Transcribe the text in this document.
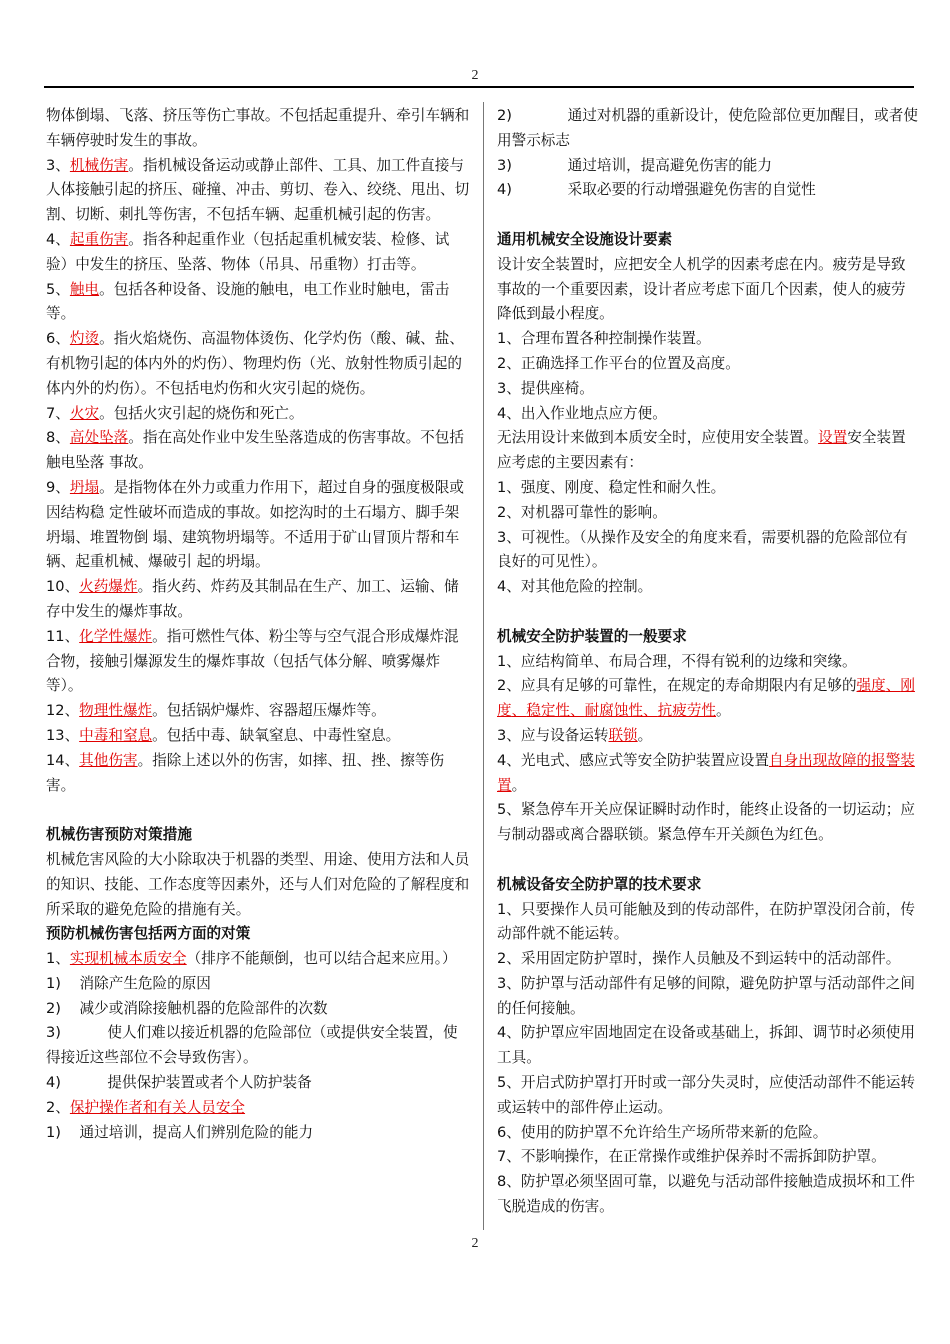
2

物体倒塌、飞落、挤压等伤亡事故。不包括起重提升、牵引车辆和车辆停驶时发生的事故。

3、机械伤害。指机械设备运动或静止部件、工具、加工件直接与人体接触引起的挤压、碰撞、冲击、剪切、卷入、绞绕、甩出、切割、切断、刺扎等伤害，不包括车辆、起重机械引起的伤害。

4、起重伤害。指各种起重作业（包括起重机械安装、检修、试验）中发生的挤压、坠落、物体（吊具、吊重物）打击等。

5、触电。包括各种设备、设施的触电，电工作业时触电，雷击等。

6、灼烫。指火焰烧伤、高温物体烫伤、化学灼伤（酸、碱、盐、有机物引起的体内外的灼伤）、物理灼伤（光、放射性物质引起的体内外的灼伤）。不包括电灼伤和火灾引起的烧伤。

7、火灾。包括火灾引起的烧伤和死亡。

8、高处坠落。指在高处作业中发生坠落造成的伤害事故。不包括触电坠落 事故。

9、坍塌。是指物体在外力或重力作用下，超过自身的强度极限或因结构稳 定性破坏而造成的事故。如挖沟时的土石塌方、脚手架坍塌、堆置物倒 塌、建筑物坍塌等。不适用于矿山冒顶片帮和车辆、起重机械、爆破引 起的坍塌。

10、火药爆炸。指火药、炸药及其制品在生产、加工、运输、储存中发生的爆炸事故。

11、化学性爆炸。指可燃性气体、粉尘等与空气混合形成爆炸混合物，接触引爆源发生的爆炸事故（包括气体分解、喷雾爆炸等）。

12、物理性爆炸。包括锅炉爆炸、容器超压爆炸等。

13、中毒和窒息。包括中毒、缺氧窒息、中毒性窒息。

14、其他伤害。指除上述以外的伤害，如摔、扭、挫、擦等伤害。

机械伤害预防对策措施

机械危害风险的大小除取决于机器的类型、用途、使用方法和人员的知识、技能、工作态度等因素外，还与人们对危险的了解程度和所采取的避免危险的措施有关。

预防机械伤害包括两方面的对策

1、实现机械本质安全（排序不能颠倒，也可以结合起来应用。）

1)    消除产生危险的原因

2)    减少或消除接触机器的危险部件的次数

3)          使人们难以接近机器的危险部位（或提供安全装置，使得接近这些部位不会导致伤害）。

4)          提供保护装置或者个人防护装备

2、保护操作者和有关人员安全

1)    通过培训，提高人们辨别危险的能力

2)            通过对机器的重新设计，使危险部位更加醒目，或者使用警示标志

3)            通过培训，提高避免伤害的能力

4)            采取必要的行动增强避免伤害的自觉性

通用机械安全设施设计要素

设计安全装置时，应把安全人机学的因素考虑在内。疲劳是导致事故的一个重要因素，设计者应考虑下面几个因素，使人的疲劳降低到最小程度。

1、合理布置各种控制操作装置。

2、正确选择工作平台的位置及高度。

3、提供座椅。

4、出入作业地点应方便。

无法用设计来做到本质安全时，应使用安全装置。设置安全装置应考虑的主要因素有：

1、强度、刚度、稳定性和耐久性。

2、对机器可靠性的影响。

3、可视性。（从操作及安全的角度来看，需要机器的危险部位有良好的可见性）。

4、对其他危险的控制。

机械安全防护装置的一般要求

1、应结构简单、布局合理，不得有锐利的边缘和突缘。

2、应具有足够的可靠性，在规定的寿命期限内有足够的强度、刚度、稳定性、耐腐蚀性、抗疲劳性。

3、应与设备运转联锁。

4、光电式、感应式等安全防护装置应设置自身出现故障的报警装置。

5、紧急停车开关应保证瞬时动作时，能终止设备的一切运动；应与制动器或离合器联锁。紧急停车开关颜色为红色。

机械设备安全防护罩的技术要求

1、只要操作人员可能触及到的传动部件，在防护罩没闭合前，传动部件就不能运转。

2、采用固定防护罩时，操作人员触及不到运转中的活动部件。

3、防护罩与活动部件有足够的间隙，避免防护罩与活动部件之间的任何接触。

4、防护罩应牢固地固定在设备或基础上，拆卸、调节时必须使用工具。

5、开启式防护罩打开时或一部分失灵时，应使活动部件不能运转或运转中的部件停止运动。

6、使用的防护罩不允许给生产场所带来新的危险。

7、不影响操作，在正常操作或维护保养时不需拆卸防护罩。

8、防护罩必须坚固可靠，以避免与活动部件接触造成损坏和工件飞脱造成的伤害。

2
